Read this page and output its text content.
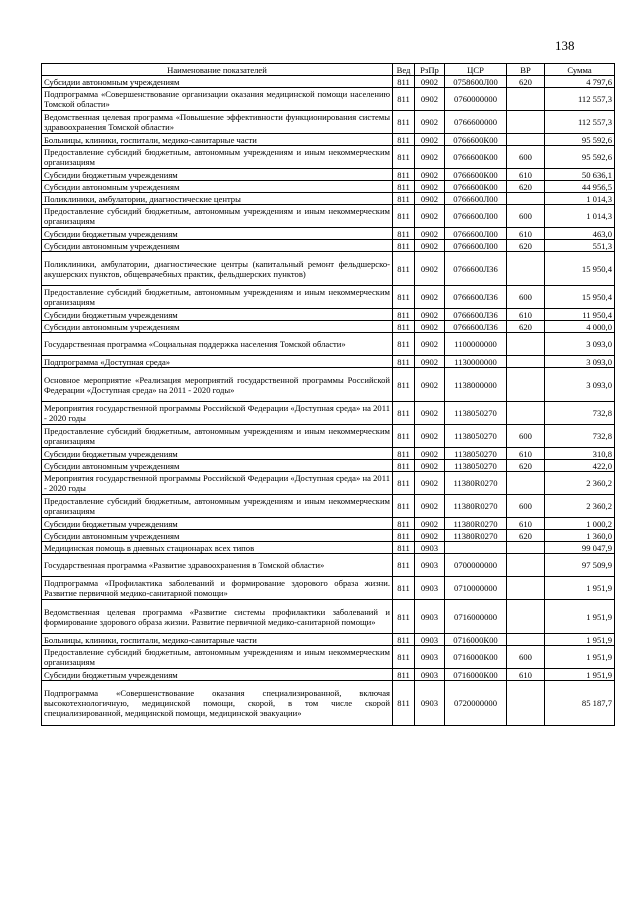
138
Наименование показателей	Вед	РзПр	ЦСР	ВР	Сумма
Субсидии автономным учреждениям	811	0902	0758600Л00	620	4 797,6
Подпрограмма «Совершенствование организации оказания медицинской помощи населению Томской области»	811	0902	0760000000		112 557,3
Ведомственная целевая программа «Повышение эффективности функционирования системы здравоохранения Томской области»	811	0902	0766600000		112 557,3
Больницы, клиники, госпитали, медико-санитарные части	811	0902	0766600К00		95 592,6
Предоставление субсидий бюджетным, автономным учреждениям и иным некоммерческим организациям	811	0902	0766600К00	600	95 592,6
Субсидии бюджетным учреждениям	811	0902	0766600К00	610	50 636,1
Субсидии автономным учреждениям	811	0902	0766600К00	620	44 956,5
Поликлиники, амбулатории, диагностические центры	811	0902	0766600Л00		1 014,3
Предоставление субсидий бюджетным, автономным учреждениям и иным некоммерческим организациям	811	0902	0766600Л00	600	1 014,3
Субсидии бюджетным учреждениям	811	0902	0766600Л00	610	463,0
Субсидии автономным учреждениям	811	0902	0766600Л00	620	551,3
Поликлиники, амбулатории, диагностические центры (капитальный ремонт фельдшерско-акушерских пунктов, общеврачебных практик, фельдшерских пунктов)	811	0902	0766600Л36		15 950,4
Предоставление субсидий бюджетным, автономным учреждениям и иным некоммерческим организациям	811	0902	0766600Л36	600	15 950,4
Субсидии бюджетным учреждениям	811	0902	0766600Л36	610	11 950,4
Субсидии автономным учреждениям	811	0902	0766600Л36	620	4 000,0
Государственная программа «Социальная поддержка населения Томской области»	811	0902	1100000000		3 093,0
Подпрограмма «Доступная среда»	811	0902	1130000000		3 093,0
Основное мероприятие «Реализация мероприятий государственной программы Российской Федерации «Доступная среда» на 2011 - 2020 годы»	811	0902	1138000000		3 093,0
Мероприятия государственной программы Российской Федерации «Доступная среда» на 2011 - 2020 годы	811	0902	1138050270		732,8
Предоставление субсидий бюджетным, автономным учреждениям и иным некоммерческим организациям	811	0902	1138050270	600	732,8
Субсидии бюджетным учреждениям	811	0902	1138050270	610	310,8
Субсидии автономным учреждениям	811	0902	1138050270	620	422,0
Мероприятия государственной программы Российской Федерации «Доступная среда» на 2011 - 2020 годы	811	0902	11380R0270		2 360,2
Предоставление субсидий бюджетным, автономным учреждениям и иным некоммерческим организациям	811	0902	11380R0270	600	2 360,2
Субсидии бюджетным учреждениям	811	0902	11380R0270	610	1 000,2
Субсидии автономным учреждениям	811	0902	11380R0270	620	1 360,0
Медицинская помощь в дневных стационарах всех типов	811	0903			99 047,9
Государственная программа «Развитие здравоохранения в Томской области»	811	0903	0700000000		97 509,9
Подпрограмма «Профилактика заболеваний и формирование здорового образа жизни. Развитие первичной медико-санитарной помощи»	811	0903	0710000000		1 951,9
Ведомственная целевая программа «Развитие системы профилактики заболеваний и формирование здорового образа жизни. Развитие первичной медико-санитарной помощи»	811	0903	0716000000		1 951,9
Больницы, клиники, госпитали, медико-санитарные части	811	0903	0716000К00		1 951,9
Предоставление субсидий бюджетным, автономным учреждениям и иным некоммерческим организациям	811	0903	0716000К00	600	1 951,9
Субсидии бюджетным учреждениям	811	0903	0716000К00	610	1 951,9
Подпрограмма «Совершенствование оказания специализированной, включая высокотехнологичную, медицинской помощи, скорой, в том числе скорой специализированной, медицинской помощи, медицинской эвакуации»	811	0903	0720000000		85 187,7
